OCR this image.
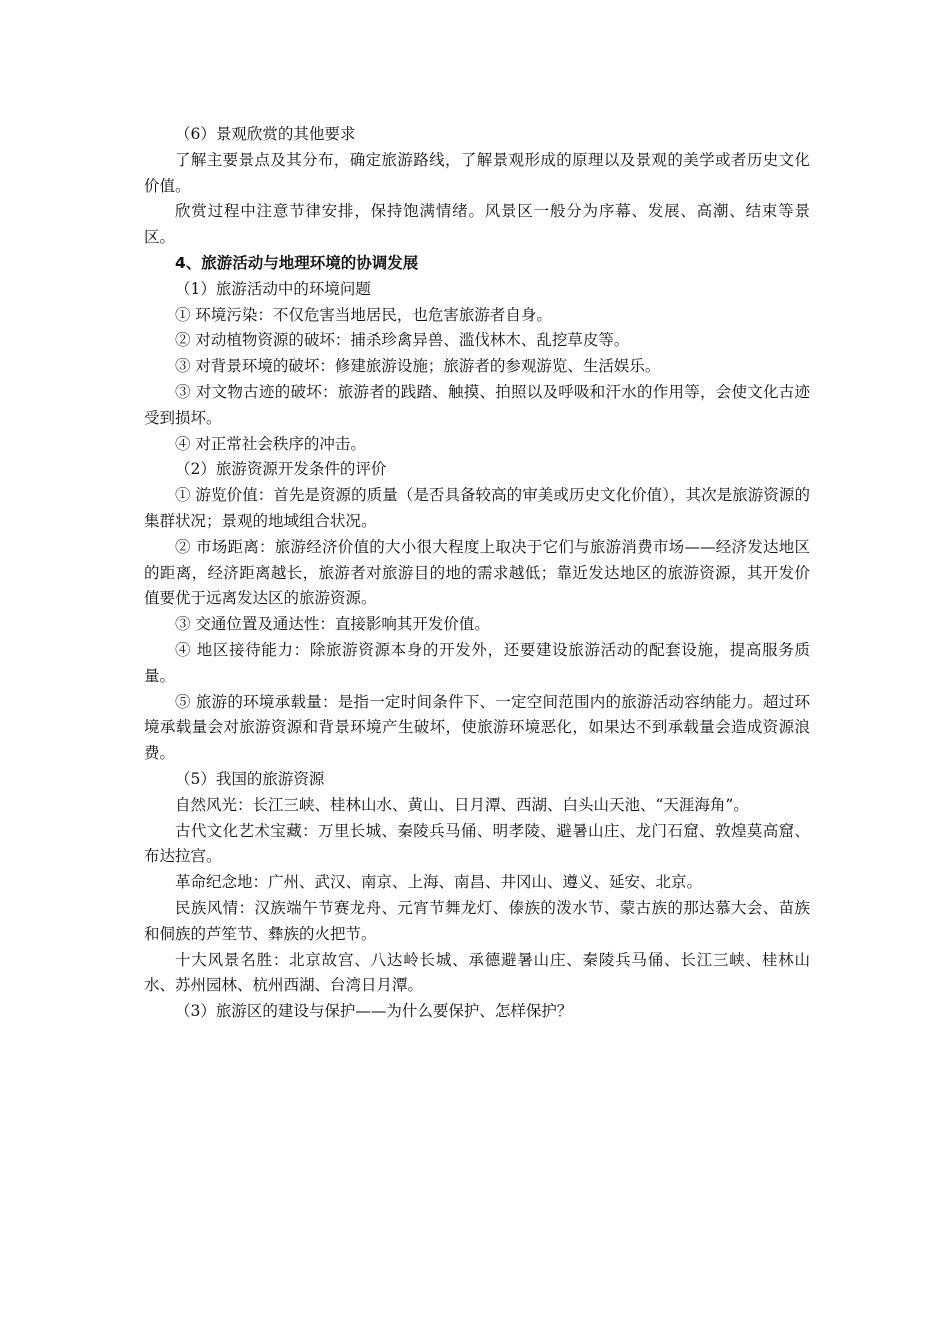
（6）景观欣赏的其他要求

了解主要景点及其分布，确定旅游路线，了解景观形成的原理以及景观的美学或者历史文化价值。

欣赏过程中注意节律安排，保持饱满情绪。风景区一般分为序幕、发展、高潮、结束等景区。

4、旅游活动与地理环境的协调发展

（1）旅游活动中的环境问题

① 环境污染：不仅危害当地居民，也危害旅游者自身。

② 对动植物资源的破坏：捕杀珍禽异兽、滥伐林木、乱挖草皮等。

③ 对背景环境的破坏：修建旅游设施；旅游者的参观游览、生活娱乐。

③ 对文物古迹的破坏：旅游者的践踏、触摸、拍照以及呼吸和汗水的作用等，会使文化古迹受到损坏。

④ 对正常社会秩序的冲击。

（2）旅游资源开发条件的评价

① 游览价值：首先是资源的质量（是否具备较高的审美或历史文化价值），其次是旅游资源的集群状况；景观的地域组合状况。

② 市场距离：旅游经济价值的大小很大程度上取决于它们与旅游消费市场——经济发达地区的距离，经济距离越长，旅游者对旅游目的地的需求越低；靠近发达地区的旅游资源，其开发价值要优于远离发达区的旅游资源。

③ 交通位置及通达性：直接影响其开发价值。

④ 地区接待能力：除旅游资源本身的开发外，还要建设旅游活动的配套设施，提高服务质量。

⑤ 旅游的环境承载量：是指一定时间条件下、一定空间范围内的旅游活动容纳能力。超过环境承载量会对旅游资源和背景环境产生破坏，使旅游环境恶化，如果达不到承载量会造成资源浪费。

（5）我国的旅游资源

自然风光：长江三峡、桂林山水、黄山、日月潭、西湖、白头山天池、“天涯海角”。

古代文化艺术宝藏：万里长城、秦陵兵马俑、明孝陵、避暑山庄、龙门石窟、敦煌莫高窟、布达拉宫。

革命纪念地：广州、武汉、南京、上海、南昌、井冈山、遵义、延安、北京。

民族风情：汉族端午节赛龙舟、元宵节舞龙灯、傣族的泼水节、蒙古族的那达慕大会、苗族和侗族的芦笙节、彝族的火把节。

十大风景名胜：北京故宫、八达岭长城、承德避暑山庄、秦陵兵马俑、长江三峡、桂林山水、苏州园林、杭州西湖、台湾日月潭。

（3）旅游区的建设与保护——为什么要保护、怎样保护？
